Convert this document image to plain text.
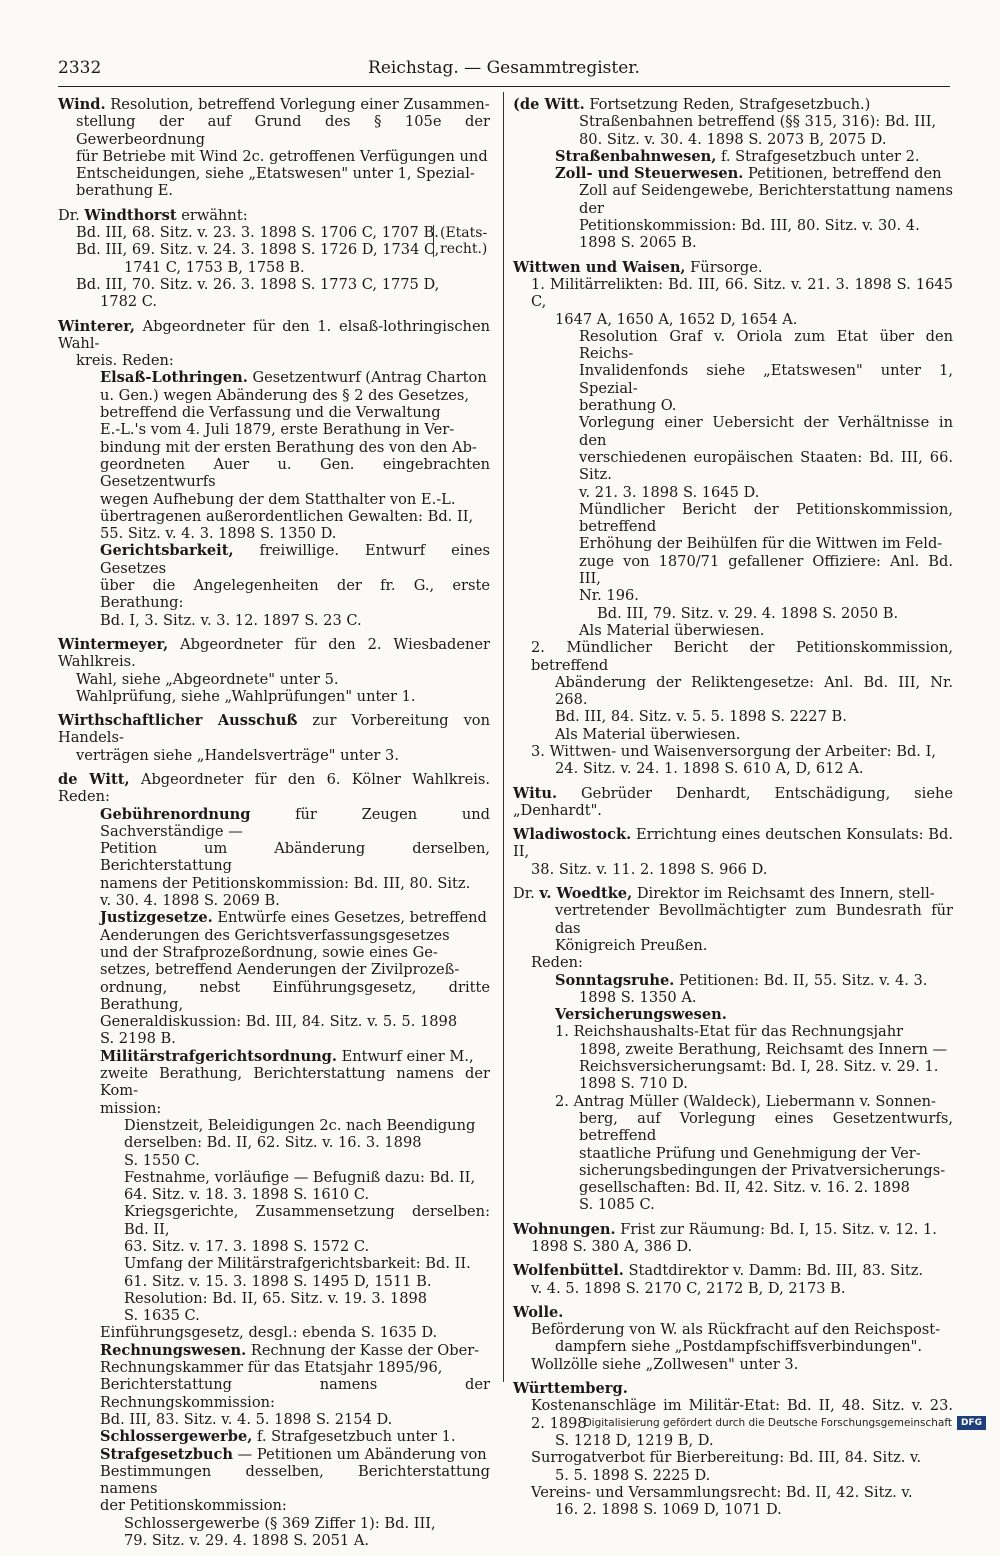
2332	Reichstag. — Gesammtregister.
Wind. Resolution, betreffend Vorlegung einer Zusammen-
stellung der auf Grund des § 105e der Gewerbeordnung
für Betriebe mit Wind 2c. getroffenen Verfügungen und
Entscheidungen, siehe „Etatswesen" unter 1, Spezial-
berathung E.
Dr. Windthorst erwähnt:
Bd. III, 68. Sitz. v. 23. 3. 1898 S. 1706 C, 1707 B.
Bd. III, 69. Sitz. v. 24. 3. 1898 S. 1726 D, 1734 C,
1741 C, 1753 B, 1758 B.
Bd. III, 70. Sitz. v. 26. 3. 1898 S. 1773 C, 1775 D,
1782 C.
(Etats-recht.)
Winterer, Abgeordneter für den 1. elsaß-lothringischen Wahl-
kreis. Reden:
Elsaß-Lothringen. Gesetzentwurf (Antrag Charton
u. Gen.) wegen Abänderung des § 2 des Gesetzes,
betreffend die Verfassung und die Verwaltung
E.-L.'s vom 4. Juli 1879, erste Berathung in Ver-
bindung mit der ersten Berathung des von den Ab-
geordneten Auer u. Gen. eingebrachten Gesetzentwurfs
wegen Aufhebung der dem Statthalter von E.-L.
übertragenen außerordentlichen Gewalten: Bd. II,
55. Sitz. v. 4. 3. 1898 S. 1350 D.
Gerichtsbarkeit, freiwillige. Entwurf eines Gesetzes
über die Angelegenheiten der fr. G., erste Berathung:
Bd. I, 3. Sitz. v. 3. 12. 1897 S. 23 C.
Wintermeyer, Abgeordneter für den 2. Wiesbadener Wahlkreis.
Wahl, siehe „Abgeordnete" unter 5.
Wahlprüfung, siehe „Wahlprüfungen" unter 1.
Wirthschaftlicher Ausschuß zur Vorbereitung von Handels-
verträgen siehe „Handelsverträge" unter 3.
de Witt, Abgeordneter für den 6. Kölner Wahlkreis. Reden:
Gebührenordnung für Zeugen und Sachverständige —
Petition um Abänderung derselben, Berichterstattung
namens der Petitionskommission: Bd. III, 80. Sitz.
v. 30. 4. 1898 S. 2069 B.
Justizgesetze. Entwürfe eines Gesetzes, betreffend
Aenderungen des Gerichtsverfassungsgesetzes
und der Strafprozeßordnung, sowie eines Ge-
setzes, betreffend Aenderungen der Zivilprozeß-
ordnung, nebst Einführungsgesetz, dritte Berathung,
Generaldiskussion: Bd. III, 84. Sitz. v. 5. 5. 1898
S. 2198 B.
Militärstrafgerichtsordnung. Entwurf einer M.,
zweite Berathung, Berichterstattung namens der Kom-
mission:
Dienstzeit, Beleidigungen 2c. nach Beendigung
derselben: Bd. II, 62. Sitz. v. 16. 3. 1898
S. 1550 C.
Festnahme, vorläufige — Befugniß dazu: Bd. II,
64. Sitz. v. 18. 3. 1898 S. 1610 C.
Kriegsgerichte, Zusammensetzung derselben: Bd. II,
63. Sitz. v. 17. 3. 1898 S. 1572 C.
Umfang der Militärstrafgerichtsbarkeit: Bd. II.
61. Sitz. v. 15. 3. 1898 S. 1495 D, 1511 B.
Resolution: Bd. II, 65. Sitz. v. 19. 3. 1898
S. 1635 C.
Einführungsgesetz, desgl.: ebenda S. 1635 D.
Rechnungswesen. Rechnung der Kasse der Ober-
Rechnungskammer für das Etatsjahr 1895/96,
Berichterstattung namens der Rechnungskommission:
Bd. III, 83. Sitz. v. 4. 5. 1898 S. 2154 D.
Schlossergewerbe, f. Strafgesetzbuch unter 1.
Strafgesetzbuch — Petitionen um Abänderung von
Bestimmungen desselben, Berichterstattung namens
der Petitionskommission:
Schlossergewerbe (§ 369 Ziffer 1): Bd. III,
79. Sitz. v. 29. 4. 1898 S. 2051 A.
(de Witt. Fortsetzung Reden, Strafgesetzbuch.)
Straßenbahnen betreffend (§§ 315, 316): Bd. III,
80. Sitz. v. 30. 4. 1898 S. 2073 B, 2075 D.
Straßenbahnwesen, f. Strafgesetzbuch unter 2.
Zoll- und Steuerwesen. Petitionen, betreffend den
Zoll auf Seidengewebe, Berichterstattung namens der
Petitionskommission: Bd. III, 80. Sitz. v. 30. 4.
1898 S. 2065 B.
Wittwen und Waisen, Fürsorge.
1. Militärrelikten: Bd. III, 66. Sitz. v. 21. 3. 1898 S. 1645 C,
1647 A, 1650 A, 1652 D, 1654 A.
Resolution Graf v. Oriola zum Etat über den Reichs-
Invalidenfonds siehe „Etatswesen" unter 1, Spezial-
berathung O.
Vorlegung einer Uebersicht der Verhältnisse in den
verschiedenen europäischen Staaten: Bd. III, 66. Sitz.
v. 21. 3. 1898 S. 1645 D.
Mündlicher Bericht der Petitionskommission, betreffend
Erhöhung der Beihülfen für die Wittwen im Feld-
zuge von 1870/71 gefallener Offiziere: Anl. Bd. III,
Nr. 196.
Bd. III, 79. Sitz. v. 29. 4. 1898 S. 2050 B.
Als Material überwiesen.
2. Mündlicher Bericht der Petitionskommission, betreffend
Abänderung der Reliktengesetze: Anl. Bd. III, Nr. 268.
Bd. III, 84. Sitz. v. 5. 5. 1898 S. 2227 B.
Als Material überwiesen.
3. Wittwen- und Waisenversorgung der Arbeiter: Bd. I,
24. Sitz. v. 24. 1. 1898 S. 610 A, D, 612 A.
Witu. Gebrüder Denhardt, Entschädigung, siehe „Denhardt".
Wladiwostock. Errichtung eines deutschen Konsulats: Bd. II,
38. Sitz. v. 11. 2. 1898 S. 966 D.
Dr. v. Woedtke, Direktor im Reichsamt des Innern, stell-
vertretender Bevollmächtigter zum Bundesrath für das
Königreich Preußen.
Reden:
Sonntagsruhe. Petitionen: Bd. II, 55. Sitz. v. 4. 3.
1898 S. 1350 A.
Versicherungswesen.
1. Reichshaushalts-Etat für das Rechnungsjahr
1898, zweite Berathung, Reichsamt des Innern —
Reichsversicherungsamt: Bd. I, 28. Sitz. v. 29. 1.
1898 S. 710 D.
2. Antrag Müller (Waldeck), Liebermann v. Sonnen-
berg, auf Vorlegung eines Gesetzentwurfs, betreffend
staatliche Prüfung und Genehmigung der Ver-
sicherungsbedingungen der Privatversicherungs-
gesellschaften: Bd. II, 42. Sitz. v. 16. 2. 1898
S. 1085 C.
Wohnungen. Frist zur Räumung: Bd. I, 15. Sitz. v. 12. 1.
1898 S. 380 A, 386 D.
Wolfenbüttel. Stadtdirektor v. Damm: Bd. III, 83. Sitz.
v. 4. 5. 1898 S. 2170 C, 2172 B, D, 2173 B.
Wolle.
Beförderung von W. als Rückfracht auf den Reichspost-
dampfern siehe „Postdampfschiffsverbindungen".
Wollzölle siehe „Zollwesen" unter 3.
Württemberg.
Kostenanschläge im Militär-Etat: Bd. II, 48. Sitz. v. 23. 2. 1898
S. 1218 D, 1219 B, D.
Surrogatverbot für Bierbereitung: Bd. III, 84. Sitz. v.
5. 5. 1898 S. 2225 D.
Vereins- und Versammlungsrecht: Bd. II, 42. Sitz. v.
16. 2. 1898 S. 1069 D, 1071 D.
Digitalisierung gefördert durch die Deutsche Forschungsgemeinschaft	DFG
